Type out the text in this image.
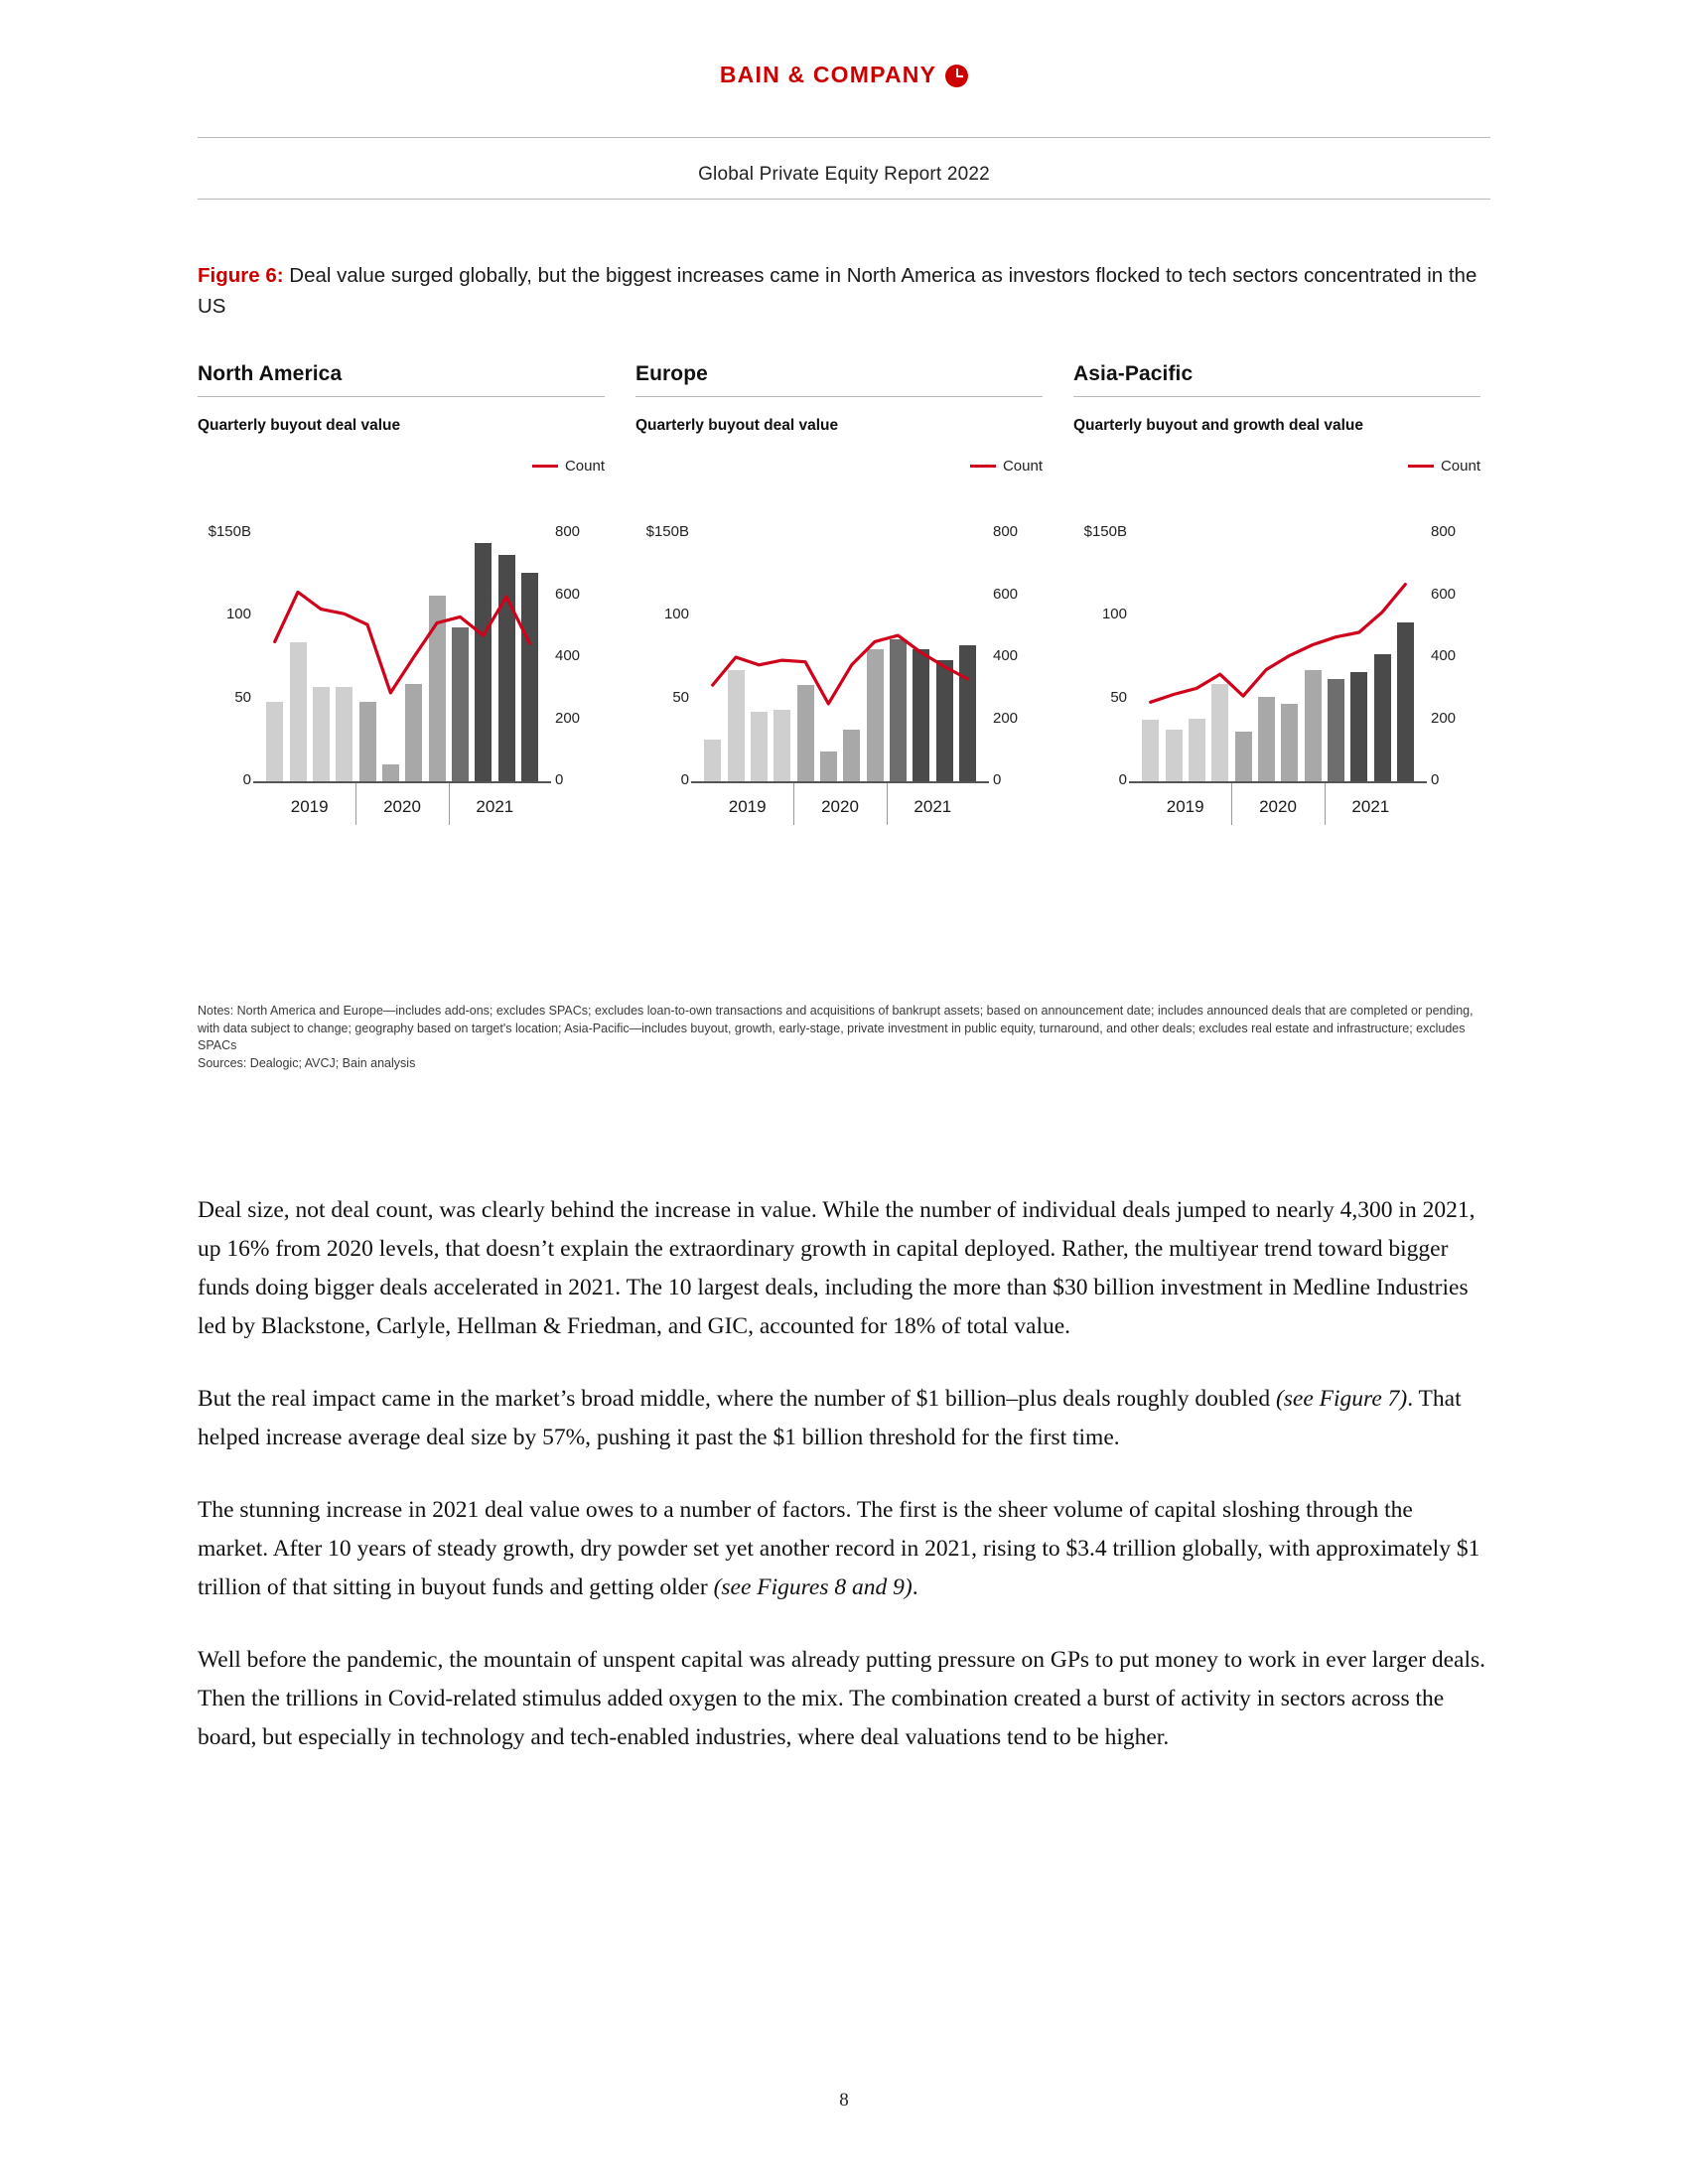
BAIN & COMPANY
Global Private Equity Report 2022
Figure 6: Deal value surged globally, but the biggest increases came in North America as investors flocked to tech sectors concentrated in the US
North America
Quarterly buyout deal value
Count
0
50
100
$150B
0
200
400
600
800
2019	2020	2021
Europe
Quarterly buyout deal value
Count
0
50
100
$150B
0
200
400
600
800
2019	2020	2021
Asia-Pacific
Quarterly buyout and growth deal value
Count
0
50
100
$150B
0
200
400
600
800
2019	2020	2021
Notes: North America and Europe—includes add-ons; excludes SPACs; excludes loan-to-own transactions and acquisitions of bankrupt assets; based on announcement date; includes announced deals that are completed or pending, with data subject to change; geography based on target's location; Asia-Pacific—includes buyout, growth, early-stage, private investment in public equity, turnaround, and other deals; excludes real estate and infrastructure; excludes SPACs
Sources: Dealogic; AVCJ; Bain analysis

Deal size, not deal count, was clearly behind the increase in value. While the number of individual deals jumped to nearly 4,300 in 2021, up 16% from 2020 levels, that doesn’t explain the extraordinary growth in capital deployed. Rather, the multiyear trend toward bigger funds doing bigger deals accelerated in 2021. The 10 largest deals, including the more than $30 billion investment in Medline Industries led by Blackstone, Carlyle, Hellman & Friedman, and GIC, accounted for 18% of total value.

But the real impact came in the market’s broad middle, where the number of $1 billion–plus deals roughly doubled (see Figure 7). That helped increase average deal size by 57%, pushing it past the $1 billion threshold for the first time.

The stunning increase in 2021 deal value owes to a number of factors. The first is the sheer volume of capital sloshing through the market. After 10 years of steady growth, dry powder set yet another record in 2021, rising to $3.4 trillion globally, with approximately $1 trillion of that sitting in buyout funds and getting older (see Figures 8 and 9).

Well before the pandemic, the mountain of unspent capital was already putting pressure on GPs to put money to work in ever larger deals. Then the trillions in Covid-related stimulus added oxygen to the mix. The combination created a burst of activity in sectors across the board, but especially in technology and tech-enabled industries, where deal valuations tend to be higher.

8
